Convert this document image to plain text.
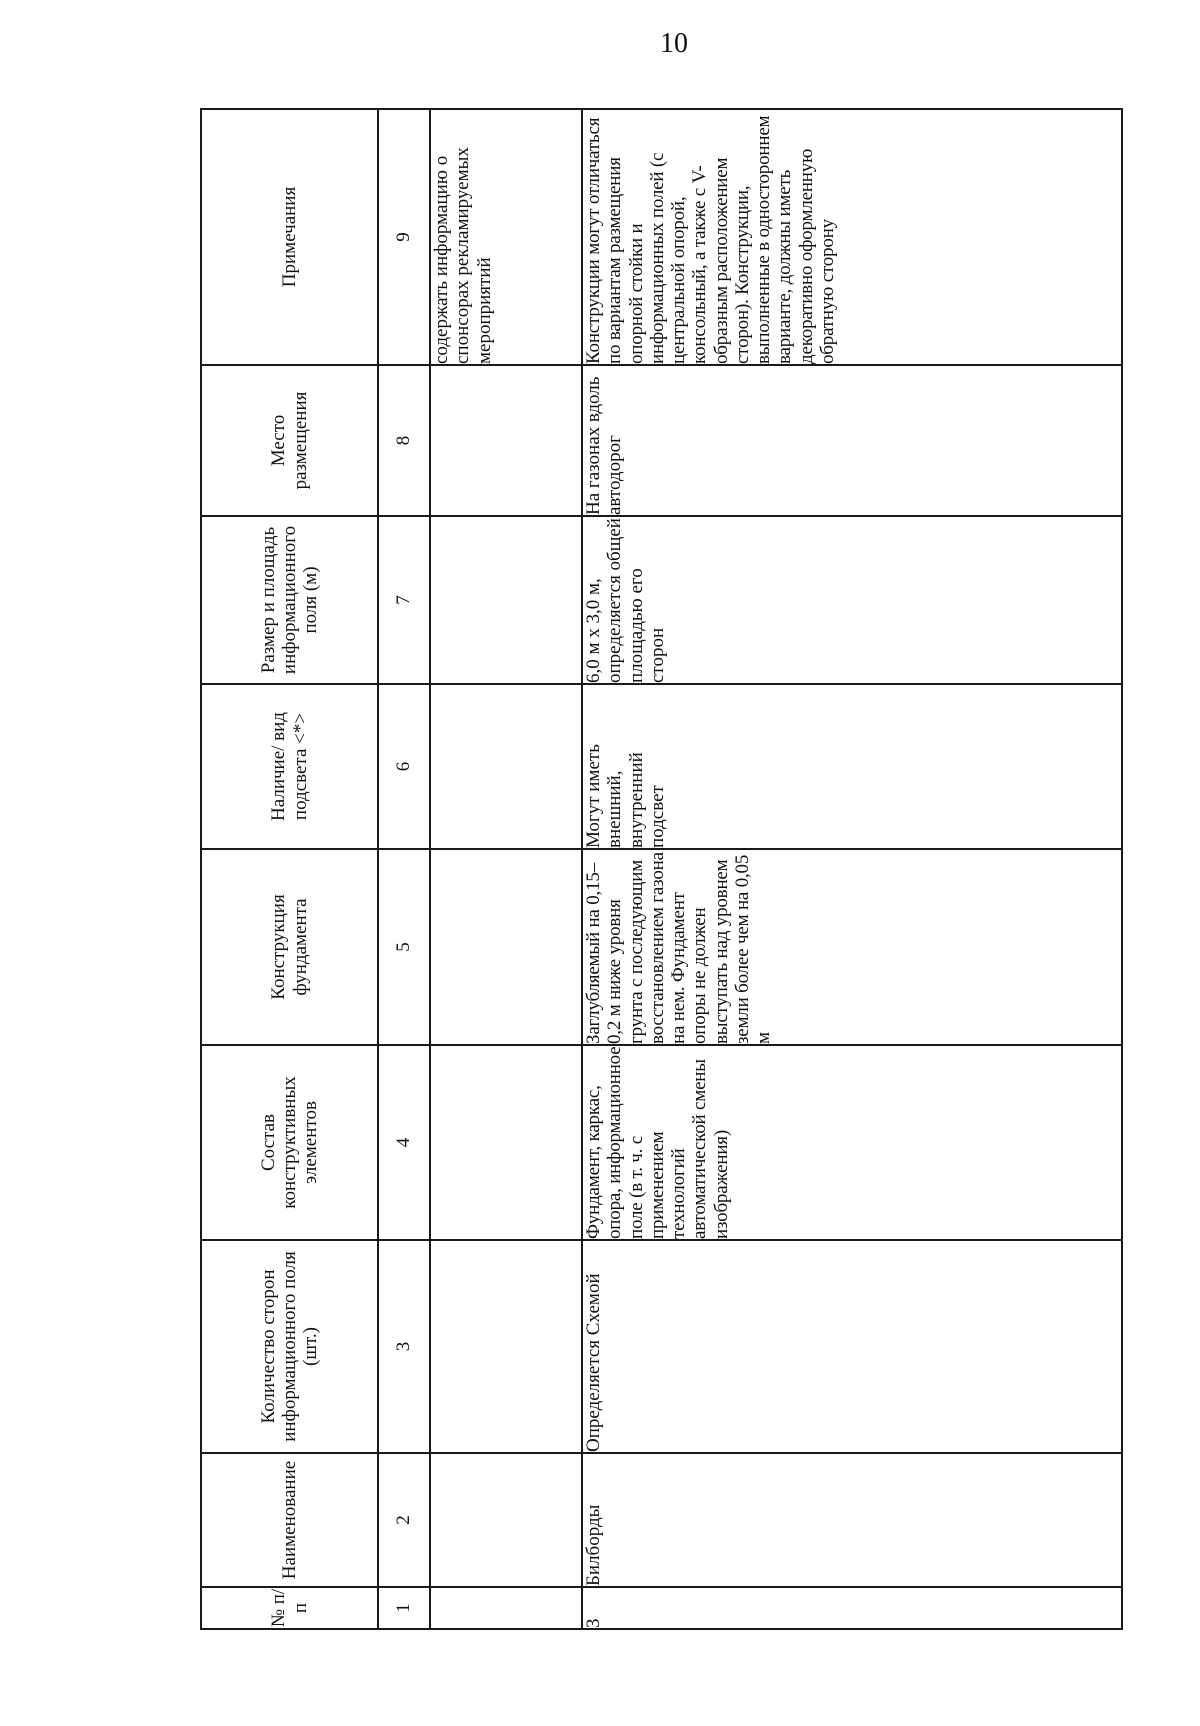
10
№ п/п	Наименование	Количество сторон информационного поля (шт.)	Состав конструктивных элементов	Конструкция фундамента	Наличие/ вид подсвета <*>	Размер и площадь информационного поля (м)	Место размещения	Примечания
1	2	3	4	5	6	7	8	9
								содержать информацию о спонсорах рекламируемых мероприятий
3	Билборды	Определяется Схемой	Фундамент, каркас, опора, информационное поле (в т. ч. с применением технологий автоматической смены изображения)	Заглубляемый на 0,15–0,2 м ниже уровня грунта с последующим восстановлением газона на нем. Фундамент опоры не должен выступать над уровнем земли более чем на 0,05 м	Могут иметь внешний, внутренний подсвет	6,0 м x 3,0 м, определяется общей площадью его сторон	На газонах вдоль автодорог	Конструкции могут отличаться по вариантам размещения опорной стойки и информационных полей (с центральной опорой, консольный, а также с V-образным расположением сторон). Конструкции, выполненные в одностороннем варианте, должны иметь декоративно оформленную обратную сторону
